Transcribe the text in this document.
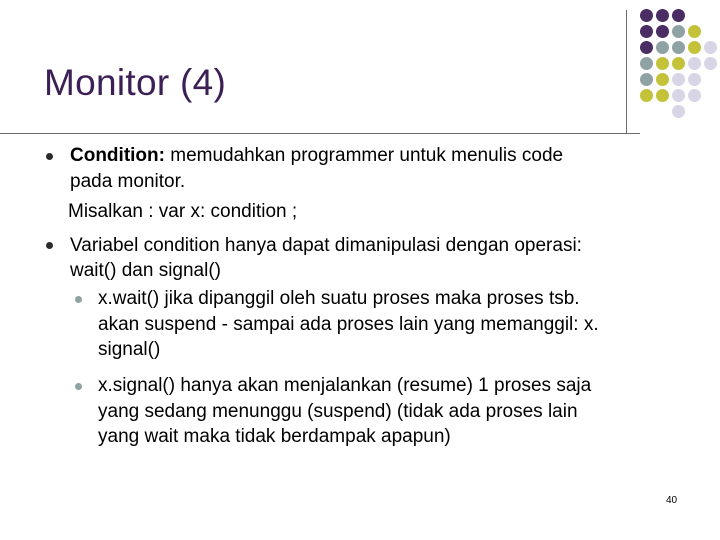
Monitor (4)
Condition: memudahkan programmer untuk menulis code
pada monitor.
Misalkan : var x: condition ;
Variabel condition hanya dapat dimanipulasi dengan operasi:
wait() dan signal()
x.wait() jika dipanggil oleh suatu proses maka proses tsb.
akan suspend - sampai ada proses lain yang memanggil: x.
signal()
x.signal() hanya akan menjalankan (resume) 1 proses saja
yang sedang menunggu (suspend) (tidak ada proses lain
yang wait maka tidak berdampak apapun)
40
